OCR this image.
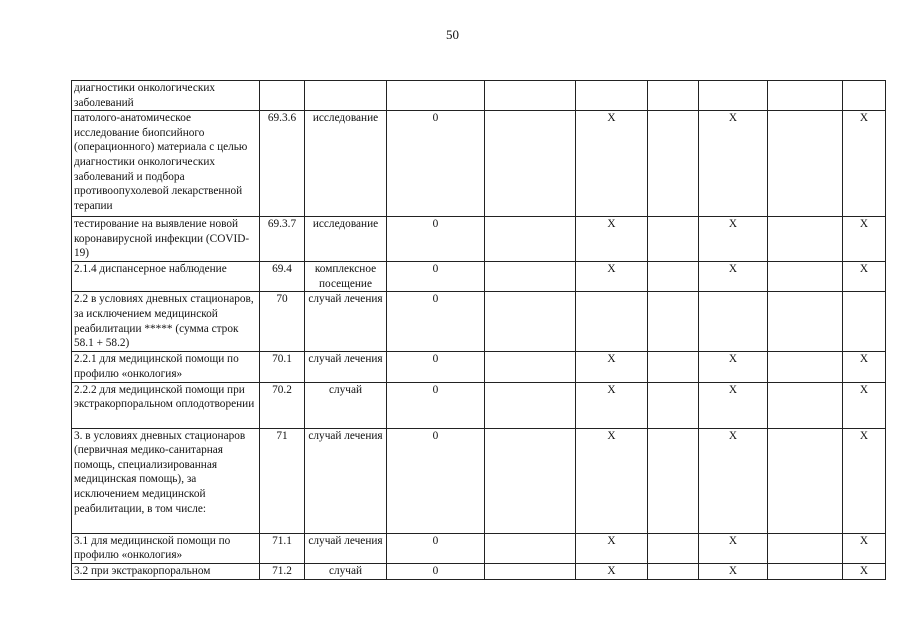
50
диагностики онкологических заболеваний									
патолого-анатомическое исследование биопсийного (операционного) материала с целью диагностики онкологических заболеваний и подбора противоопухолевой лекарственной терапии	69.3.6	исследование	0		X		X		X
тестирование на выявление новой коронавирусной инфекции (COVID-19)	69.3.7	исследование	0		X		X		X
2.1.4 диспансерное наблюдение	69.4	комплексное посещение	0		X		X		X
2.2 в условиях дневных стационаров, за исключением медицинской реабилитации ***** (сумма строк 58.1 + 58.2)	70	случай лечения	0						
2.2.1 для медицинской помощи по профилю «онкология»	70.1	случай лечения	0		X		X		X
2.2.2 для медицинской помощи при экстракорпоральном оплодотворении	70.2	случай	0		X		X		X
3. в условиях дневных стационаров (первичная медико-санитарная помощь, специализированная медицинская помощь), за исключением медицинской реабилитации, в том числе:	71	случай лечения	0		X		X		X
3.1 для медицинской помощи по профилю «онкология»	71.1	случай лечения	0		X		X		X
3.2 при экстракорпоральном	71.2	случай	0		X		X		X
